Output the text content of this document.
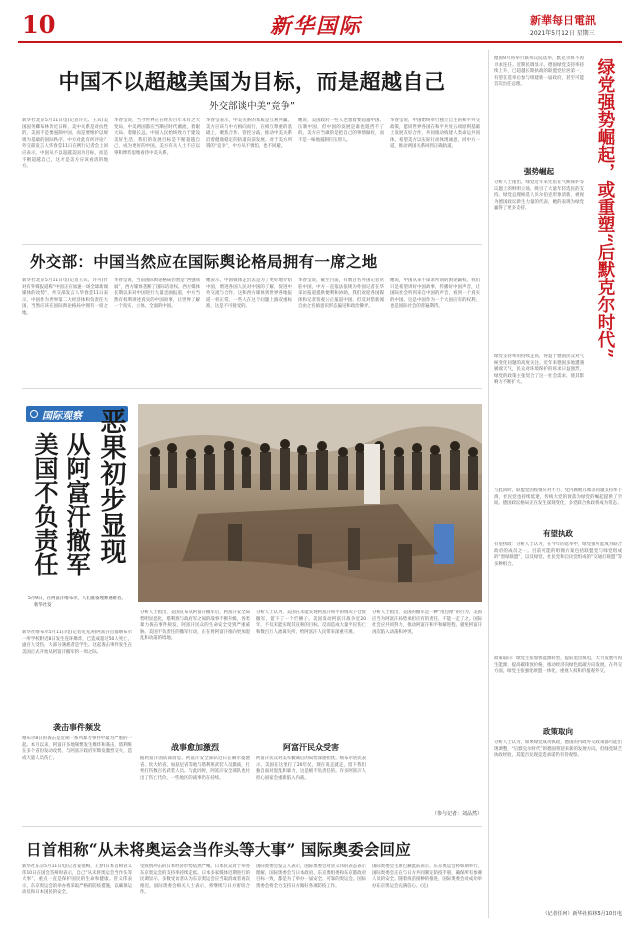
10	新华国际	新華每日電訊
2021年5月12日 星期三
中国不以超越美国为目标，而是超越自己
外交部谈中美“竞争”
新华社北京5月11日电(记者许元、王宾)美国国务卿布林肯近日称，美中关系是对抗性的，美国不是要遏制中国，而是要维护以规则为基础的国际秩序。中方对此有何评论？外交部发言人华春莹11日在例行记者会上回应表示，中国从不以超越美国为目标，而是不断超越自己，这才是美方应该看清的地方。
华春莹说，当今世界正在经历百年未有之大变局，中美两国都应当顺应时代潮流，着眼大局、着眼长远。中国人民始终致力于建设美好生活，我们的发展目标是不断超越自己，成为更好的中国。美方有关人士不应以零和博弈思维看待中美关系。
华春莹表示，中美关系的本质是互利共赢。美方应该与中方相向而行，在相互尊重的基础上，聚焦合作、管控分歧，推动中美关系沿着健康稳定的轨道向前发展。对于美方所谓的“竞争”，中方从不惧怕，也不回避。
她说，美国政府一些人老想着要超越中国、压制中国，但中国的发展是谁也阻挡不了的。美方应当做的是把自己的事情做好，而不是一味地遏制打压别人。
华春莹说，中国始终奉行独立自主的和平外交政策，愿同世界各国在和平共处五项原则基础上发展友好合作，共同推动构建人类命运共同体。希望美方以实际行动体现诚意，同中方一道，推动两国关系回到正确轨道。
外交部：中国当然应在国际舆论格局拥有一席之地
新华社北京5月11日电(记者王宾、许可)针对有外媒报道称“中国正在加速一场全球新闻媒体的攻势”，外交部发言人华春莹11日表示，中国作为世界第二大经济体和负责任大国，当然应该在国际舆论格局中拥有一席之地。
华春莹说，当前国际舆论格局仍然是“西强我弱”，西方媒体垄断了国际话语权。西方媒体长期以来对中国进行大量歪曲报道，中方当然有权利讲述真实的中国故事，让世界了解一个真实、立体、全面的中国。
她表示，中国媒体走出去是为了更好地介绍中国，增进各国人民对中国的了解，促进中外交流与合作，这和西方媒体到世界各地报道一样正常。一些人在这个问题上搞双重标准，这是不可接受的。
华春莹说，截至目前，有数百名外国记者常驻中国，中方一直依法依规为外国记者在华采访报道提供便利和协助。我们欢迎各国媒体和记者客观公正报道中国，但反对借新闻自由之名搞意识形态偏见和政治操弄。
她说，中国从来不谋求所谓的舆论霸权，我们只是希望讲好中国故事，传播好中国声音，让国际社会听到来自中国的声音，看到一个真实的中国。这是中国作为一个大国应有的权利，也是国际社会的普遍期待。
国际观察
美国不负责任 从阿富汗撤军 恶果初步显现
5月9日，在阿富汗喀布尔，人们准备埋葬遇难者。 新华社发
新华社喀布尔5月11日电(记者史先涛)阿富汗首都喀布尔一所学校附近8日发生连环爆炸，已造成超过50人死亡、逾百人受伤，大部分遇难者是学生。这起袭击事件发生在美国正式开始从阿富汗撤军约一周之际。
袭击事件频发
喀布尔8日的袭击是近期一系列暴力事件中最为严重的一起。本月以来，阿富汗多地频繁发生爆炸和袭击，塔利班在多个省份发动攻势，与阿富汗政府军爆发激烈交火，造成大量人员伤亡。
分析人士指出，美国宣布从阿富汗撤军后，阿富汗安全局势明显恶化，塔利班与政府军之间的战事不断升级，各类暴力袭击事件频发，阿富汗民众的生命安全受到严重威胁。美国不负责任的撤军行动，正在将阿富汗推向更加混乱和动荡的境地。
战事愈加激烈
据阿富汗国防部消息，阿富汗安全部队近日在赫尔曼德省、坎大哈省、加兹尼省等地与塔利班武装人员激战，打死打伤数百名武装人员。与此同时，阿富汗安全部队也付出了伤亡代价，一些地区的战事仍在持续。
分析人士认为，美国在未能实现阿富汗和平的情况下仓促撤军，留下了一个烂摊子。美国发动阿富汗战争近20年，不仅未能实现其宣称的目标，反而造成大量平民伤亡和数百万人流离失所，给阿富汗人民带来深重灾难。
阿富汗民众受害
阿富汗民众对美军撤离后的局势深感担忧。喀布尔居民表示，美国在这里打了20年仗，现在说走就走，留下我们独自面对混乱和暴力，这是极不负责任的。许多阿富汗人担心国家会重新陷入内战。
分析人士指出，美国的撤军是一种“甩包袱”的行为，美国应当为阿富汗局势承担应有的责任，不能一走了之。国际社会应共同努力，推动阿富汗和平和解进程，避免阿富汗再次陷入动荡和冲突。
（参与记者：刘品然）
日首相称“从未将奥运会当作头等大事” 国际奥委会回应
新华社东京5月11日电(记者姜俏梅、王梦)日本首相菅义伟10日在国会答辩时表示，自己“从未将奥运会当作头等大事”，重点一直是保护国民的生命和健康。菅义伟表示，东京奥运会的举办将采取严格的防疫措施，以确保运动员和日本国民的安全。
受疫情冲击的日本经济形势依然严峻，日本民众对于举办东京奥运会的支持率持续走低。日本多家媒体近期进行的民调显示，多数受访者认为东京奥运会应当取消或者再次推迟。国际奥委会相关人士表示，将继续与日方密切合作。
国际奥委会发言人表示，国际奥委会对菅义伟的表态表示理解，国际奥委会与日本政府、东京奥组委和东京都政府目标一致，都是为了举办一届安全、可靠的奥运会。国际奥委会将全力支持日方做好各项防疫工作。
国际奥委会主席巴赫此前表示，东京奥运会将如期举行，国际奥委会正在与日方共同制定防疫手册，确保所有参赛人员的安全。随着疫苗接种的推进，国际奥委会对成功举办东京奥运会充满信心。(完)
德国9月将举行联邦议院选举，默克尔将不再寻求连任。近期民调显示，德国绿党支持率持续上升，已超越长期执政的联盟党位居第一，有望在选举后参与组建新一届政府，甚至可能首次出任总理。	绿党强势崛起，或重塑“后默克尔时代”
强势崛起
分析人士指出，绿党近年来凭借在气候保护等议题上的鲜明立场，吸引了大量年轻选民的支持。绿党总理候选人贝尔伯克形象清新，被视为德国政坛新生力量的代表，她的表现为绿党赢得了更多支持。
绿党支持率的持续走高，得益于德国民众对气候变化问题的高度关注。近年来德国多地遭遇极端天气，民众对环境保护的诉求日益强烈，绿党的政策主张契合了这一社会需求，使其影响力不断扩大。
与此同时，联盟党因疫情应对不力、党内腐败丑闻等问题支持率下滑，社民党也持续低迷，传统大党的衰落为绿党的崛起提供了空间。德国政坛格局正在发生深刻变化，多党联合执政将成为常态。
有望执政
有望执政：分析人士认为，在今年的选举中，绿党很可能成为联合政府的成员之一。目前可能的组阁方案包括联盟党与绿党组成的“黑绿联盟”，以及绿党、社民党和自民党组成的“交通灯联盟”等多种组合。
政策取向：绿党主张加快能源转型，提前退出煤电，大力发展可再生能源，提高碳排放价格，推动经济向绿色低碳方向发展。在外交方面，绿党主张强化欧盟一体化，重视人权和价值观外交。
政策取向
分析人士认为，如果绿党成功执政，德国的内政外交政策都可能出现调整，“后默克尔时代”的德国将迎来新的发展方向。但绿党缺乏执政经验，其能否兑现竞选承诺仍有待观察。
（记者任珂）新华社柏林5月10日电
